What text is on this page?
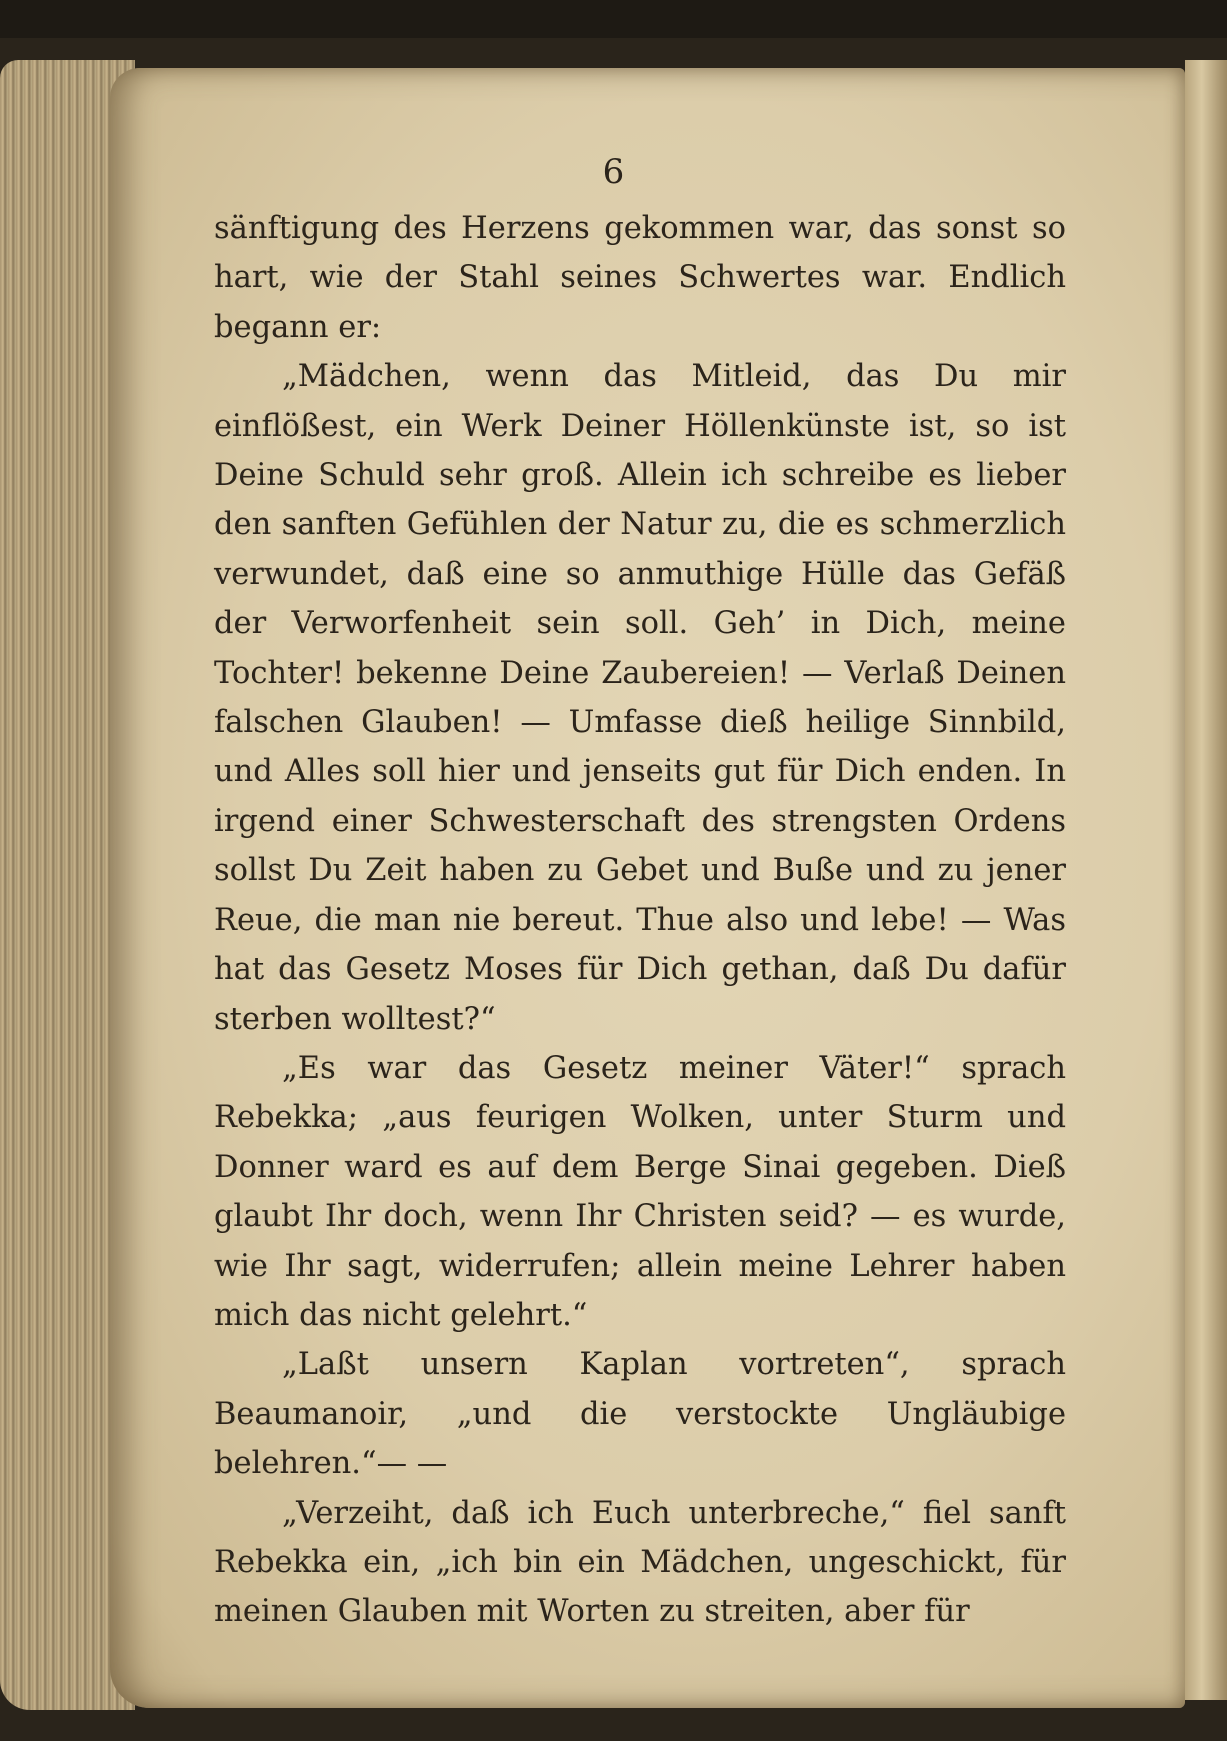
6

sänftigung des Herzens gekommen war, das sonst so hart, wie der Stahl seines Schwertes war. Endlich begann er:

„Mädchen, wenn das Mitleid, das Du mir einflößest, ein Werk Deiner Höllenkünste ist, so ist Deine Schuld sehr groß. Allein ich schreibe es lieber den sanften Gefühlen der Natur zu, die es schmerzlich verwundet, daß eine so anmuthige Hülle das Gefäß der Verworfenheit sein soll. Geh’ in Dich, meine Tochter! bekenne Deine Zaubereien! — Verlaß Deinen falschen Glauben! — Umfasse dieß heilige Sinnbild, und Alles soll hier und jenseits gut für Dich enden. In irgend einer Schwesterschaft des strengsten Ordens sollst Du Zeit haben zu Gebet und Buße und zu jener Reue, die man nie bereut. Thue also und lebe! — Was hat das Gesetz Moses für Dich gethan, daß Du dafür sterben wolltest?“

„Es war das Gesetz meiner Väter!“ sprach Rebekka; „aus feurigen Wolken, unter Sturm und Donner ward es auf dem Berge Sinai gegeben. Dieß glaubt Ihr doch, wenn Ihr Christen seid? — es wurde, wie Ihr sagt, widerrufen; allein meine Lehrer haben mich das nicht gelehrt.“

„Laßt unsern Kaplan vortreten“, sprach Beaumanoir, „und die verstockte Ungläubige belehren.“— —

„Verzeiht, daß ich Euch unterbreche,“ fiel sanft Rebekka ein, „ich bin ein Mädchen, ungeschickt, für meinen Glauben mit Worten zu streiten, aber für
